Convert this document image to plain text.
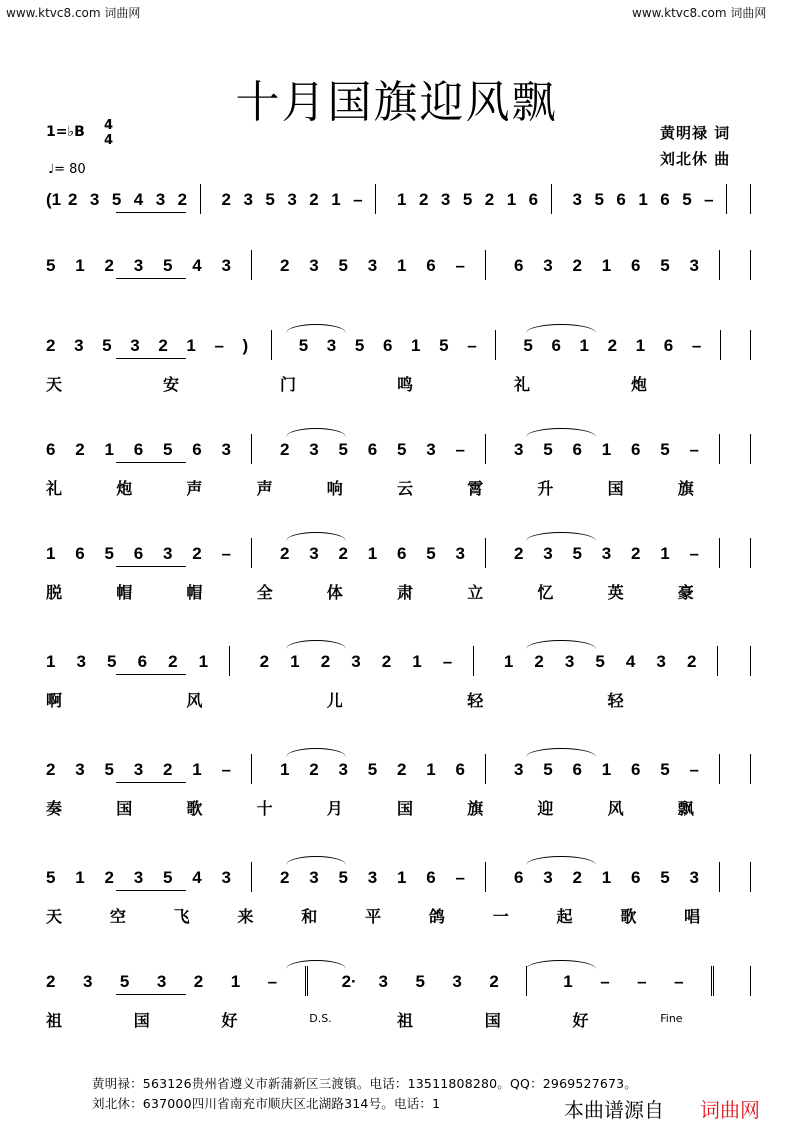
www.ktvc8.com 词曲网	www.ktvc8.com 词曲网
十月国旗迎风飘
1=♭B 4
4
♩= 80
黄明禄 词
刘北休 曲
(1 2 3 5 4 3 2 2 3 5 3 2 1 – 1 2 3 5 2 1 6 3 5 6 1 6 5 –
5 1 2 3 5 4 3	2 3 5 3 1 6 –	6 3 2 1 6 5 3
2 3 5 3 2 1 – )	5 3 5 6 1 5 –	5 6 1 2 1 6 –
天	安	门	鸣	礼	炮
6 2 1 6 5 6 3	2 3 5 6 5 3 –	3 5 6 1 6 5 –
礼	炮	声	声	响	云	霄	升	国	旗
1 6 5 6 3 2 –	2 3 2 1 6 5 3	2 3 5 3 2 1 –
脱	帽	帽	全	体	肃	立	忆	英	豪
1 3 5 6 2 1	2 1 2 3 2 1 –	1 2 3 5 4 3 2
啊	风	儿	轻	轻
2 3 5 3 2 1 –	1 2 3 5 2 1 6	3 5 6 1 6 5 –
奏	国	歌	十	月	国	旗	迎	风	飘
5 1 2 3 5 4 3	2 3 5 3 1 6 –	6 3 2 1 6 5 3
天	空	飞	来	和	平	鸽	一	起	歌	唱
2 3 5 3 2 1 –	2· 3 5 3 2	1 – – –
祖	国	好	D.S.	祖	国	好	Fine
黄明禄：563126贵州省遵义市新蒲新区三渡镇。电话：13511808280。QQ：2969527673。
刘北休：637000四川省南充市顺庆区北湖路314号。电话：1	本曲谱源自 词曲网
